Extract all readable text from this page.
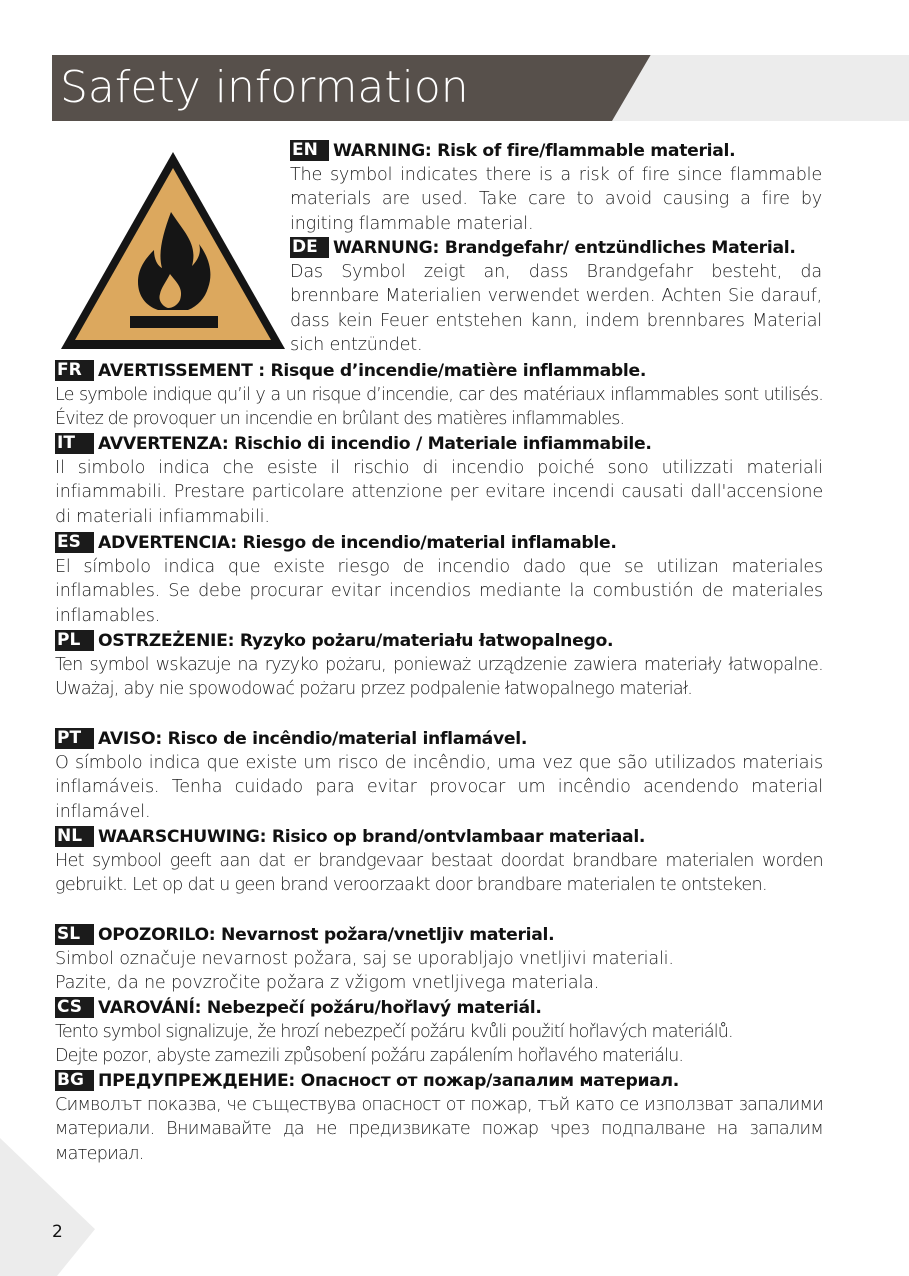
Safety information
EN WARNING: Risk of fire/flammable material.
The symbol indicates there is a risk of fire since flammable materials are used. Take care to avoid causing a fire by ingiting flammable material.
DE WARNUNG: Brandgefahr/ entzündliches Material.
Das Symbol zeigt an, dass Brandgefahr besteht, da brennbare Materialien verwendet werden. Achten Sie darauf, dass kein Feuer entstehen kann, indem brennbares Material sich entzündet.
FR AVERTISSEMENT : Risque d’incendie/matière inflammable.
Le symbole indique qu’il y a un risque d’incendie, car des matériaux inflammables sont utilisés. Évitez de provoquer un incendie en brûlant des matières inflammables.
IT AVVERTENZA: Rischio di incendio / Materiale infiammabile.
Il simbolo indica che esiste il rischio di incendio poiché sono utilizzati materiali infiammabili. Prestare particolare attenzione per evitare incendi causati dall'accensione di materiali infiammabili.
ES ADVERTENCIA: Riesgo de incendio/material inflamable.
El símbolo indica que existe riesgo de incendio dado que se utilizan materiales inflamables. Se debe procurar evitar incendios mediante la combustión de materiales inflamables.
PL OSTRZEŻENIE: Ryzyko pożaru/materiału łatwopalnego.
Ten symbol wskazuje na ryzyko pożaru, ponieważ urządzenie zawiera materiały łatwopalne. Uważaj, aby nie spowodować pożaru przez podpalenie łatwopalnego materiał.
PT AVISO: Risco de incêndio/material inflamável.
O símbolo indica que existe um risco de incêndio, uma vez que são utilizados materiais inflamáveis. Tenha cuidado para evitar provocar um incêndio acendendo material inflamável.
NL WAARSCHUWING: Risico op brand/ontvlambaar materiaal.
Het symbool geeft aan dat er brandgevaar bestaat doordat brandbare materialen worden gebruikt. Let op dat u geen brand veroorzaakt door brandbare materialen te ontsteken.
SL OPOZORILO: Nevarnost požara/vnetljiv material.
Simbol označuje nevarnost požara, saj se uporabljajo vnetljivi materiali.
Pazite, da ne povzročite požara z vžigom vnetljivega materiala.
CS VAROVÁNÍ: Nebezpečí požáru/hořlavý materiál.
Tento symbol signalizuje, že hrozí nebezpečí požáru kvůli použití hořlavých materiálů.
Dejte pozor, abyste zamezili způsobení požáru zapálením hořlavého materiálu.
BG ПРЕДУПРЕЖДЕНИЕ: Опасност от пожар/запалим материал.
Символът показва, че съществува опасност от пожар, тъй като се използват запалими материали. Внимавайте да не предизвикате пожар чрез подпалване на запалим материал.
2
